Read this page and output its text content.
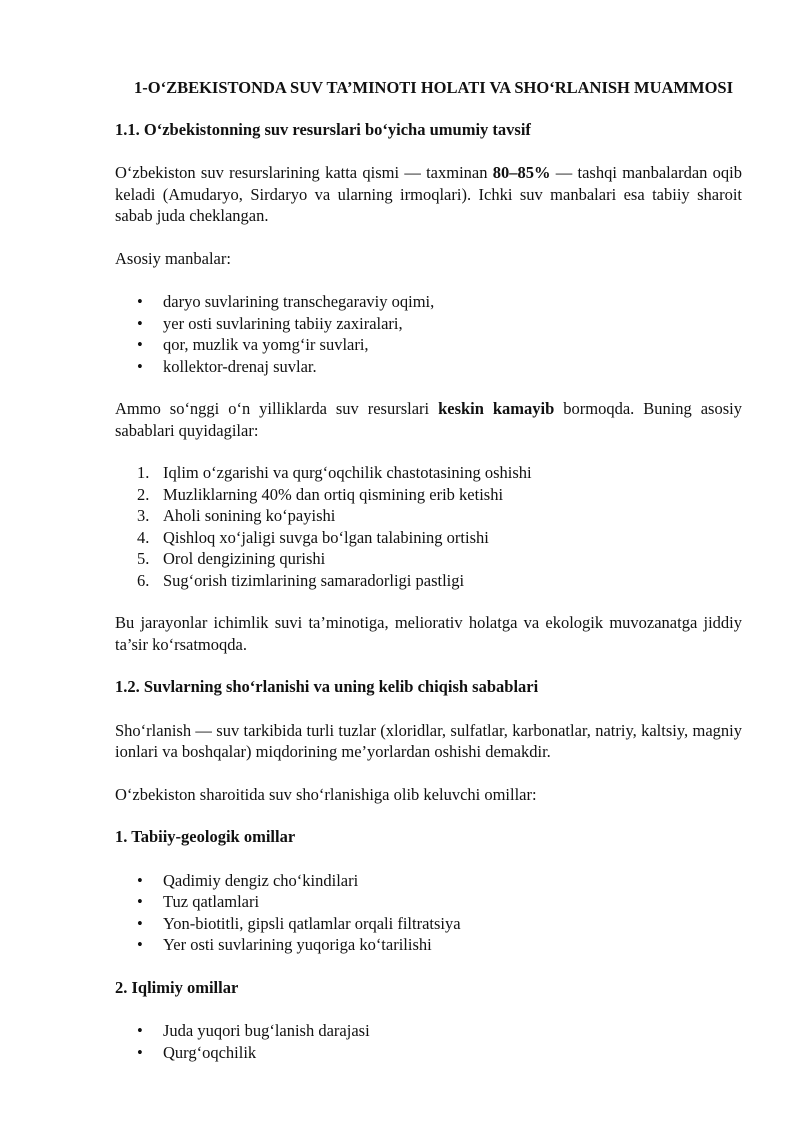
1-O‘ZBEKISTONDA SUV TA’MINOTI HOLATI VA SHO‘RLANISH MUAMMOSI

1.1. O‘zbekistonning suv resurslari bo‘yicha umumiy tavsif

O‘zbekiston suv resurslarining katta qismi — taxminan 80–85% — tashqi manbalardan oqib keladi (Amudaryo, Sirdaryo va ularning irmoqlari). Ichki suv manbalari esa tabiiy sharoit sabab juda cheklangan.

Asosiy manbalar:

• daryo suvlarining transchegaraviy oqimi,
• yer osti suvlarining tabiiy zaxiralari,
• qor, muzlik va yomg‘ir suvlari,
• kollektor-drenaj suvlar.

Ammo so‘nggi o‘n yilliklarda suv resurslari keskin kamayib bormoqda. Buning asosiy sabablari quyidagilar:

1. Iqlim o‘zgarishi va qurg‘oqchilik chastotasining oshishi
2. Muzliklarning 40% dan ortiq qismining erib ketishi
3. Aholi sonining ko‘payishi
4. Qishloq xo‘jaligi suvga bo‘lgan talabining ortishi
5. Orol dengizining qurishi
6. Sug‘orish tizimlarining samaradorligi pastligi

Bu jarayonlar ichimlik suvi ta’minotiga, meliorativ holatga va ekologik muvozanatga jiddiy ta’sir ko‘rsatmoqda.

1.2. Suvlarning sho‘rlanishi va uning kelib chiqish sabablari

Sho‘rlanish — suv tarkibida turli tuzlar (xloridlar, sulfatlar, karbonatlar, natriy, kaltsiy, magniy ionlari va boshqalar) miqdorining me’yorlardan oshishi demakdir.

O‘zbekiston sharoitida suv sho‘rlanishiga olib keluvchi omillar:

1. Tabiiy-geologik omillar

• Qadimiy dengiz cho‘kindilari
• Tuz qatlamlari
• Yon-biotitli, gipsli qatlamlar orqali filtratsiya
• Yer osti suvlarining yuqoriga ko‘tarilishi

2. Iqlimiy omillar

• Juda yuqori bug‘lanish darajasi
• Qurg‘oqchilik
